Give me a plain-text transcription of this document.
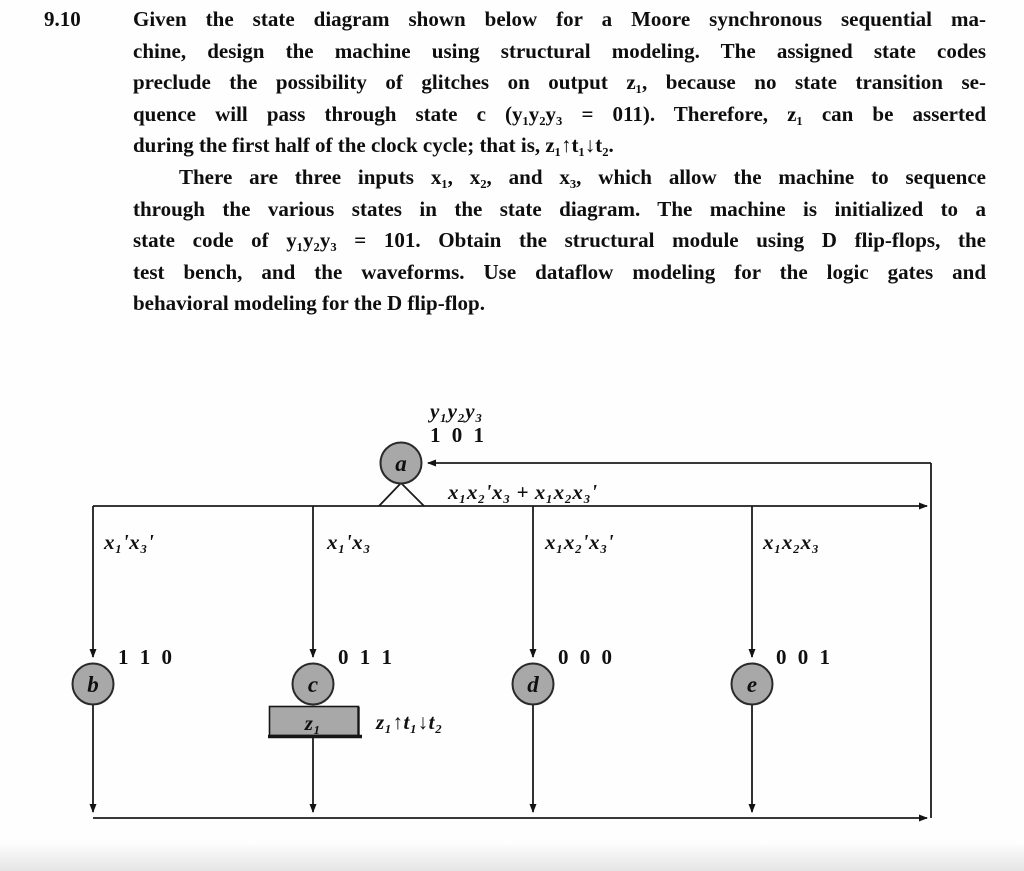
9.10 Given the state diagram shown below for a Moore synchronous sequential ma-
chine, design the machine using structural modeling. The assigned state codes
preclude the possibility of glitches on output z₁, because no state transition se-
quence will pass through state c (y₁y₂y₃ = 011). Therefore, z₁ can be asserted
during the first half of the clock cycle; that is, z₁↑t₁↓t₂.
There are three inputs x₁, x₂, and x₃, which allow the machine to sequence
through the various states in the state diagram. The machine is initialized to a
state code of y₁y₂y₃ = 101. Obtain the structural module using D flip-flops, the
test bench, and the waveforms. Use dataflow modeling for the logic gates and
behavioral modeling for the D flip-flop.
a
b	c	d	e
y₁y₂y₃
1 0 1
x₁x₂'x₃ + x₁x₂x₃'
x₁'x₃'	x₁'x₃	x₁x₂'x₃'	x₁x₂x₃
1 1 0	0 1 1	0 0 0	0 0 1
z₁	z₁↑t₁↓t₂
